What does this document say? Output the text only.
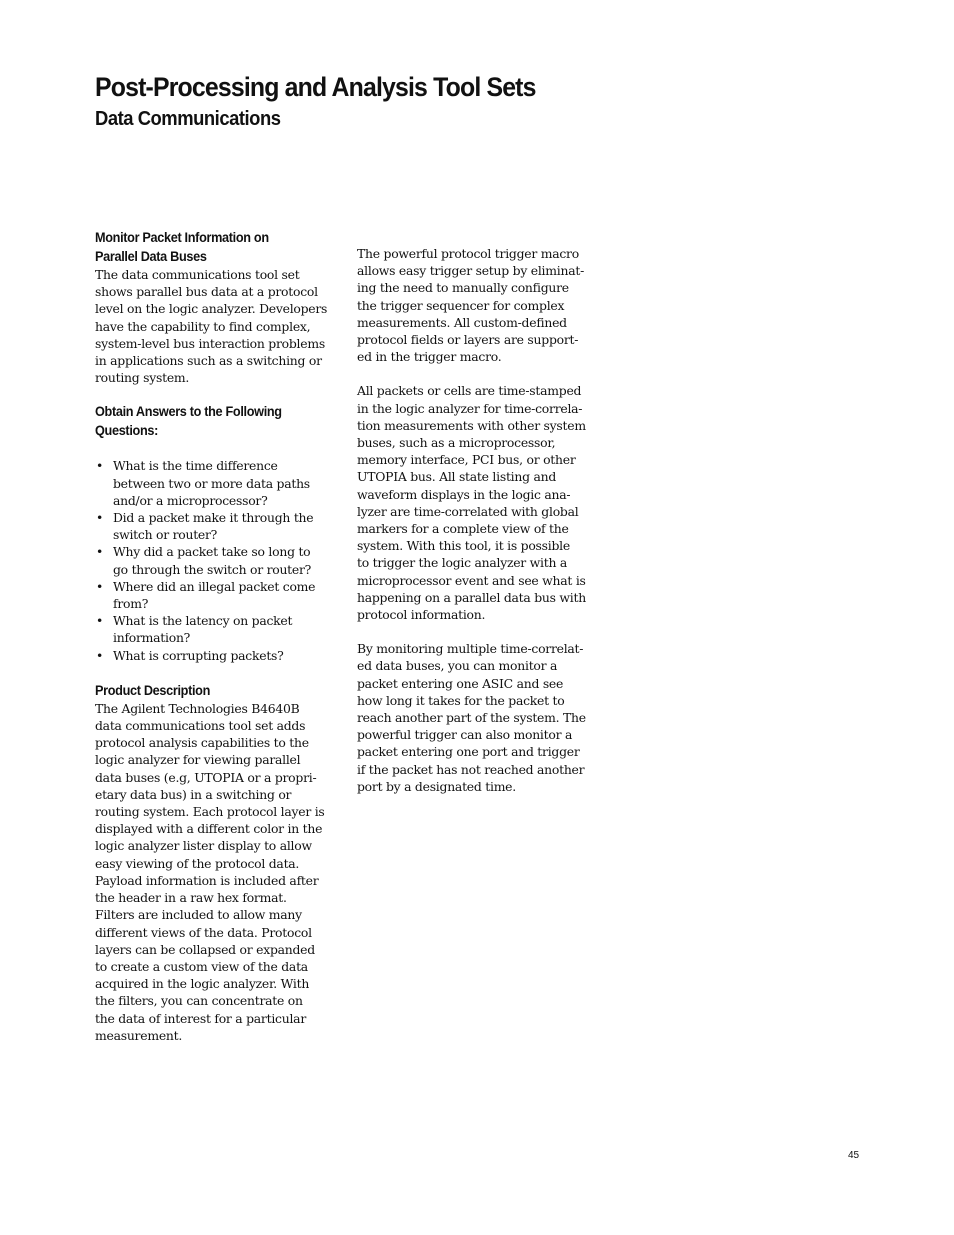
Post-Processing and Analysis Tool Sets
Data Communications

Monitor Packet Information on
Parallel Data Buses

The data communications tool set
shows parallel bus data at a protocol
level on the logic analyzer. Developers
have the capability to find complex,
system-level bus interaction problems
in applications such as a switching or
routing system.

Obtain Answers to the Following
Questions:

• What is the time difference
between two or more data paths
and/or a microprocessor?
• Did a packet make it through the
switch or router?
• Why did a packet take so long to
go through the switch or router?
• Where did an illegal packet come
from?
• What is the latency on packet
information?
• What is corrupting packets?

Product Description

The Agilent Technologies B4640B
data communications tool set adds
protocol analysis capabilities to the
logic analyzer for viewing parallel
data buses (e.g, UTOPIA or a propri-
etary data bus) in a switching or
routing system. Each protocol layer is
displayed with a different color in the
logic analyzer lister display to allow
easy viewing of the protocol data.
Payload information is included after
the header in a raw hex format.
Filters are included to allow many
different views of the data. Protocol
layers can be collapsed or expanded
to create a custom view of the data
acquired in the logic analyzer. With
the filters, you can concentrate on
the data of interest for a particular
measurement.

The powerful protocol trigger macro
allows easy trigger setup by eliminat-
ing the need to manually configure
the trigger sequencer for complex
measurements. All custom-defined
protocol fields or layers are support-
ed in the trigger macro.

All packets or cells are time-stamped
in the logic analyzer for time-correla-
tion measurements with other system
buses, such as a microprocessor,
memory interface, PCI bus, or other
UTOPIA bus. All state listing and
waveform displays in the logic ana-
lyzer are time-correlated with global
markers for a complete view of the
system. With this tool, it is possible
to trigger the logic analyzer with a
microprocessor event and see what is
happening on a parallel data bus with
protocol information.

By monitoring multiple time-correlat-
ed data buses, you can monitor a
packet entering one ASIC and see
how long it takes for the packet to
reach another part of the system. The
powerful trigger can also monitor a
packet entering one port and trigger
if the packet has not reached another
port by a designated time.

45
